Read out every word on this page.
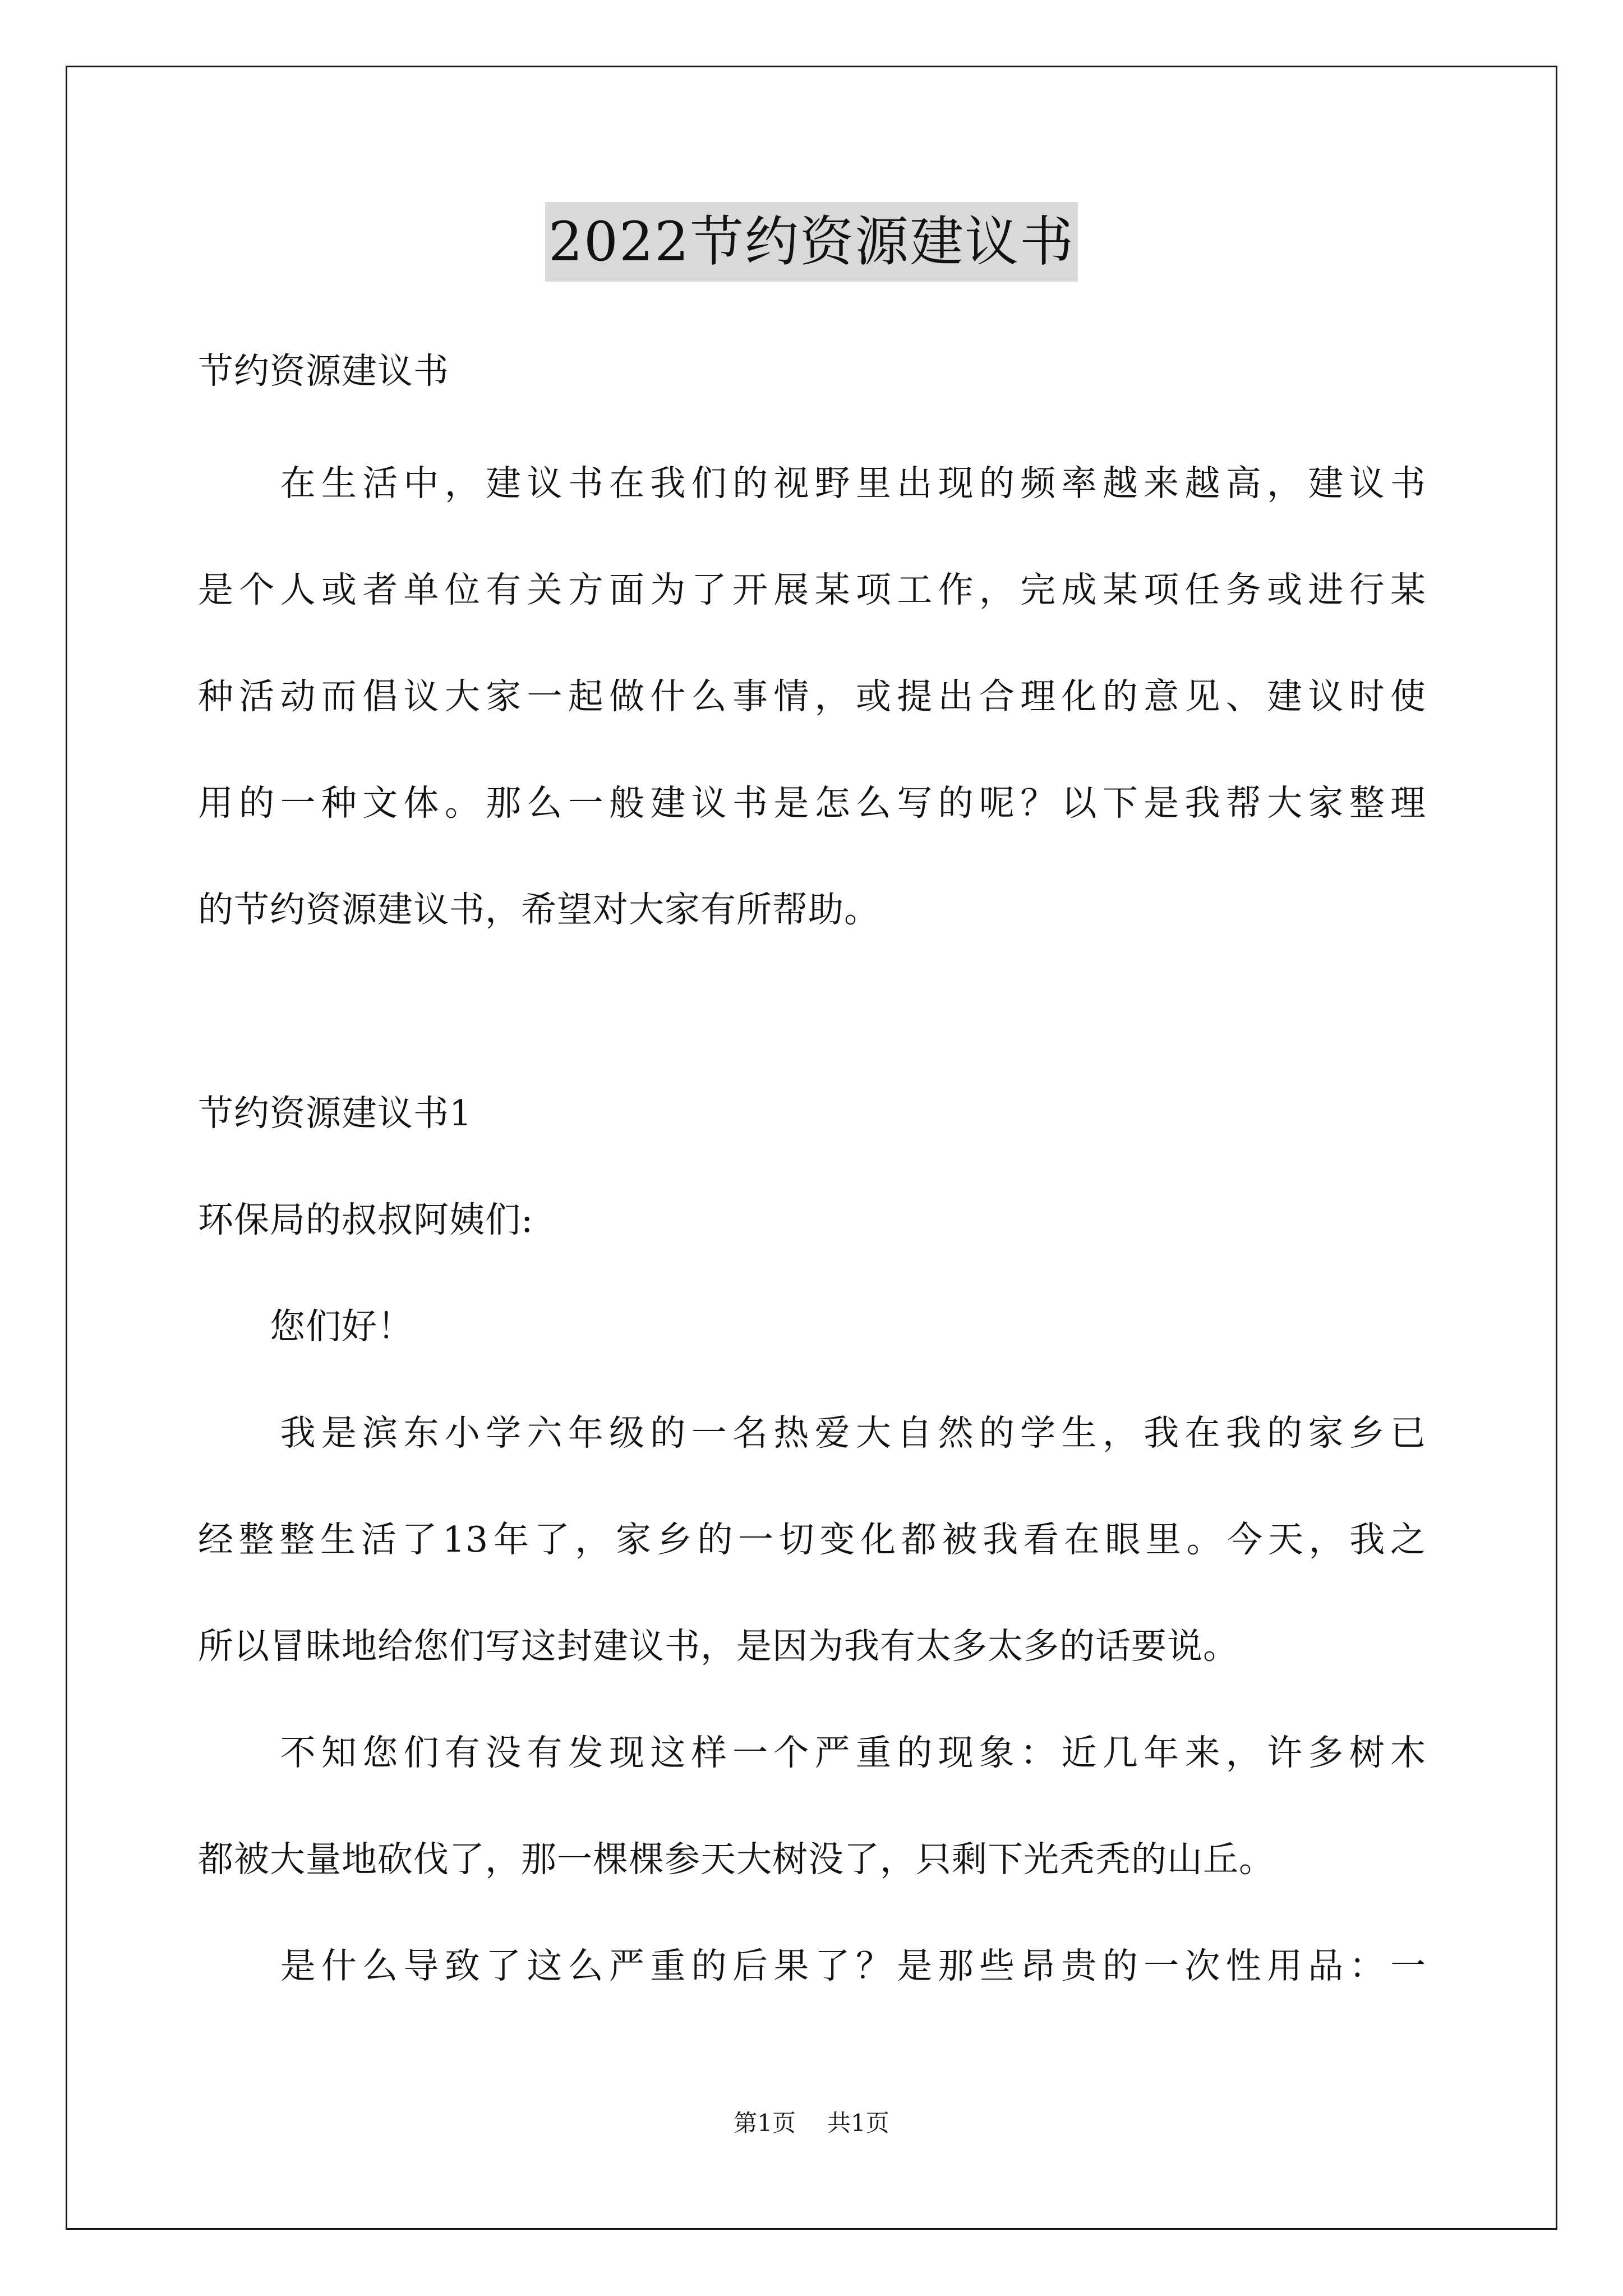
2022节约资源建议书
节约资源建议书
　　在生活中，建议书在我们的视野里出现的频率越来越高，建议书
是个人或者单位有关方面为了开展某项工作，完成某项任务或进行某
种活动而倡议大家一起做什么事情，或提出合理化的意见、建议时使
用的一种文体。那么一般建议书是怎么写的呢？以下是我帮大家整理
的节约资源建议书，希望对大家有所帮助。
节约资源建议书1
环保局的叔叔阿姨们:
　　您们好！
　　我是滨东小学六年级的一名热爱大自然的学生，我在我的家乡已
经整整生活了13年了，家乡的一切变化都被我看在眼里。今天，我之
所以冒昧地给您们写这封建议书，是因为我有太多太多的话要说。
　　不知您们有没有发现这样一个严重的现象：近几年来，许多树木
都被大量地砍伐了，那一棵棵参天大树没了，只剩下光秃秃的山丘。
　　是什么导致了这么严重的后果了？是那些昂贵的一次性用品：一
第1页 共1页
